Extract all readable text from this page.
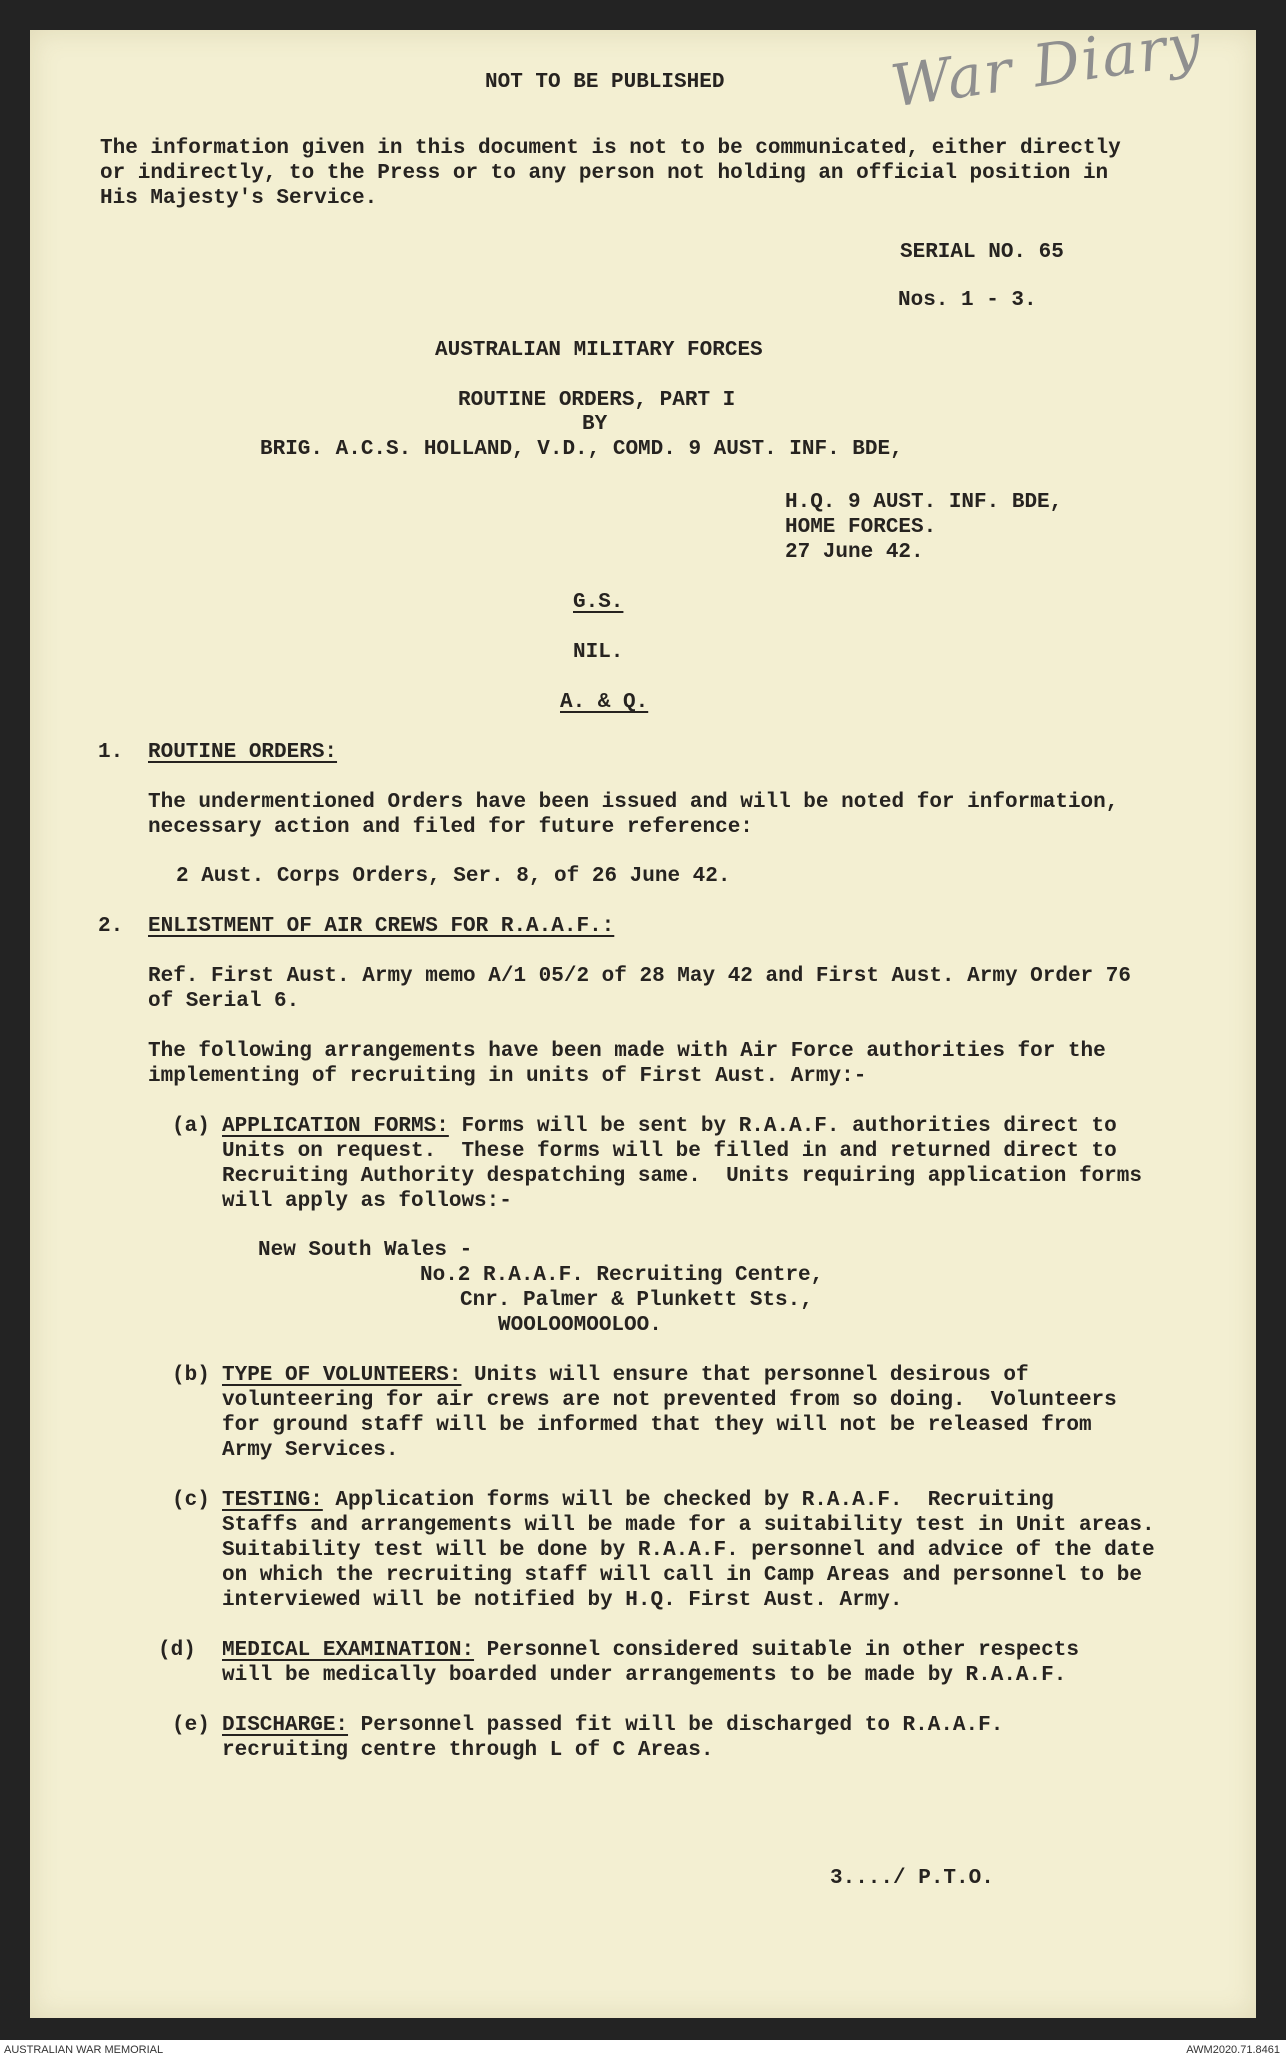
War Diary
NOT TO BE PUBLISHED
The information given in this document is not to be communicated, either directly
or indirectly, to the Press or to any person not holding an official position in
His Majesty's Service.
SERIAL NO. 65
Nos. 1 - 3.
AUSTRALIAN MILITARY FORCES
ROUTINE ORDERS, PART I
BY
BRIG. A.C.S. HOLLAND, V.D., COMD. 9 AUST. INF. BDE,
H.Q. 9 AUST. INF. BDE,
HOME FORCES.
27 June 42.
G.S.
NIL.
A. & Q.
1. ROUTINE ORDERS:
The undermentioned Orders have been issued and will be noted for information,
necessary action and filed for future reference:
2 Aust. Corps Orders, Ser. 8, of 26 June 42.
2. ENLISTMENT OF AIR CREWS FOR R.A.A.F.:
Ref. First Aust. Army memo A/1 05/2 of 28 May 42 and First Aust. Army Order 76
of Serial 6.
The following arrangements have been made with Air Force authorities for the
implementing of recruiting in units of First Aust. Army:-
(a) APPLICATION FORMS: Forms will be sent by R.A.A.F. authorities direct to
Units on request.  These forms will be filled in and returned direct to
Recruiting Authority despatching same.  Units requiring application forms
will apply as follows:-
New South Wales -
No.2 R.A.A.F. Recruiting Centre,
Cnr. Palmer & Plunkett Sts.,
WOOLOOMOOLOO.
(b) TYPE OF VOLUNTEERS: Units will ensure that personnel desirous of
volunteering for air crews are not prevented from so doing.  Volunteers
for ground staff will be informed that they will not be released from
Army Services.
(c) TESTING: Application forms will be checked by R.A.A.F.  Recruiting
Staffs and arrangements will be made for a suitability test in Unit areas.
Suitability test will be done by R.A.A.F. personnel and advice of the date
on which the recruiting staff will call in Camp Areas and personnel to be
interviewed will be notified by H.Q. First Aust. Army.
(d) MEDICAL EXAMINATION: Personnel considered suitable in other respects
will be medically boarded under arrangements to be made by R.A.A.F.
(e) DISCHARGE: Personnel passed fit will be discharged to R.A.A.F.
recruiting centre through L of C Areas.
3..../ P.T.O.
AUSTRALIAN WAR MEMORIAL	AWM2020.71.8461
